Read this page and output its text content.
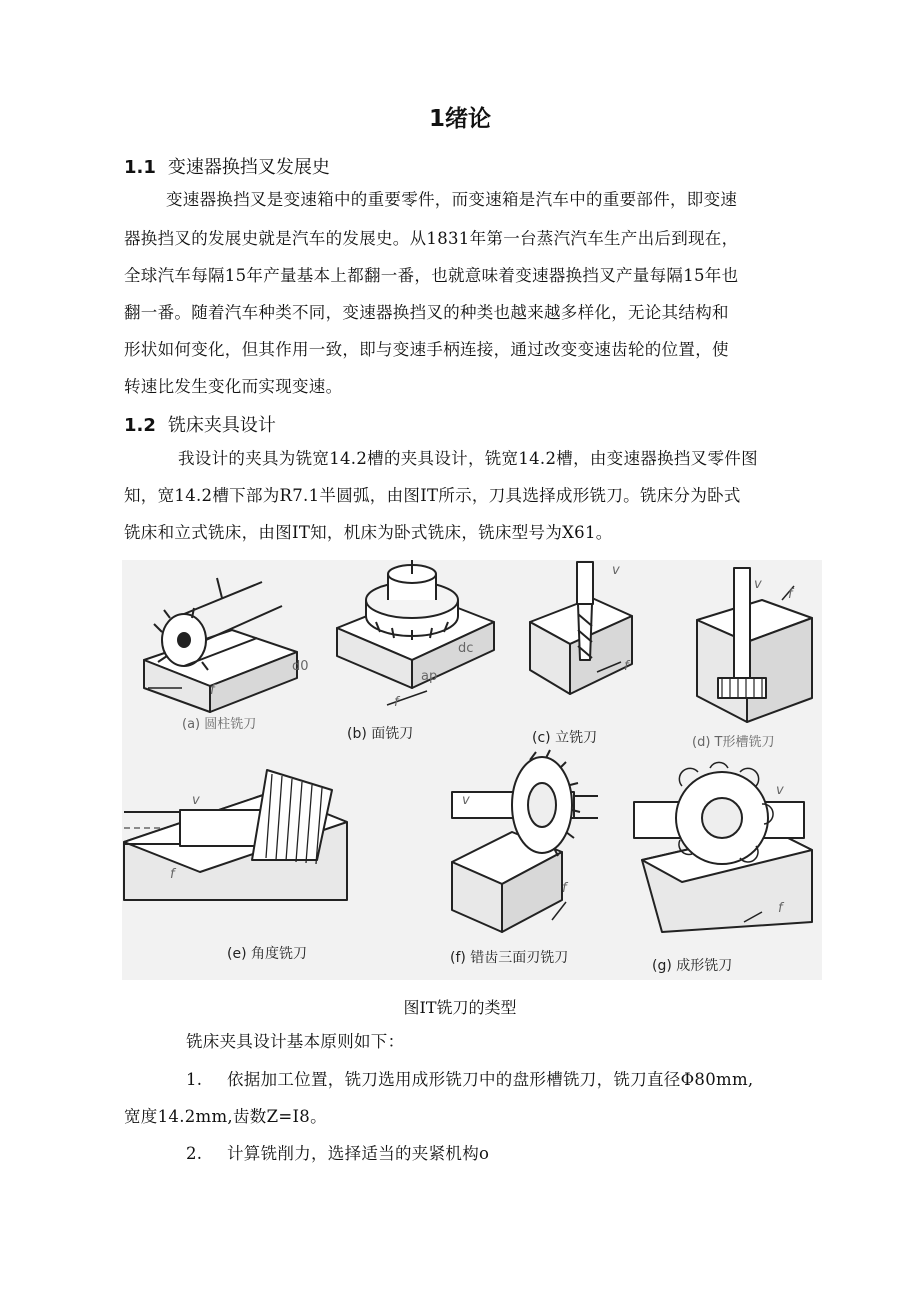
1绪论
1.1 变速器换挡叉发展史
变速器换挡叉是变速箱中的重要零件，而变速箱是汽车中的重要部件，即变速
器换挡叉的发展史就是汽车的发展史。从1831年第一台蒸汽汽车生产出后到现在，
全球汽车每隔15年产量基本上都翻一番，也就意味着变速器换挡叉产量每隔15年也
翻一番。随着汽车种类不同，变速器换挡叉的种类也越来越多样化，无论其结构和
形状如何变化，但其作用一致，即与变速手柄连接，通过改变变速齿轮的位置，使
转速比发生变化而实现变速。
1.2 铣床夹具设计
我设计的夹具为铣宽14.2槽的夹具设计，铣宽14.2槽，由变速器换挡叉零件图
知，宽14.2槽下部为R7.1半圆弧，由图IT所示，刀具选择成形铣刀。铣床分为卧式
铣床和立式铣床，由图IT知，机床为卧式铣床，铣床型号为X61。
d0
dc
ap
v
v	v
v
v
f
f
f
f
f
f
f
(a) 圆柱铣刀
(b) 面铣刀	(c) 立铣刀	(d) T形槽铣刀
(e) 角度铣刀	(f) 错齿三面刃铣刀	(g) 成形铣刀
图IT铣刀的类型
铣床夹具设计基本原则如下：
1. 依据加工位置，铣刀选用成形铣刀中的盘形槽铣刀，铣刀直径Φ80mm,
宽度14.2mm,齿数Z=I8。
2. 计算铣削力，选择适当的夹紧机构o
